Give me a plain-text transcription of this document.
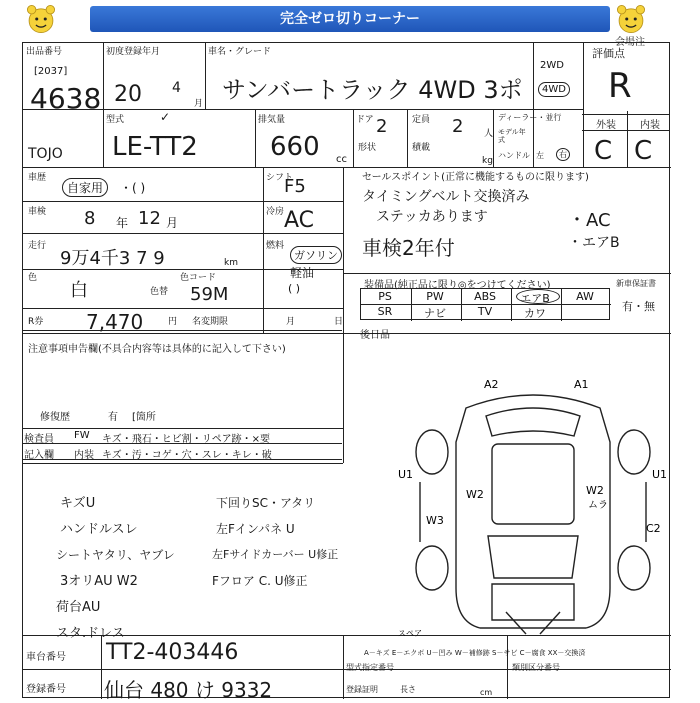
完全ゼロ切りコーナー
会場注
出品番号
[2037]
4638
初度登録年月
20 4
月
車名・グレード
サンバートラック 4WD 3ポ
2WD
4WD
評価点
R
外装 内装
C C
TOJO
型式	✓
LE-TT2
排気量
660 cc
ドア 2	定員 2 人
積載
kg
形状
ディーラー・並行
モデル年式
ハンドル 左	右
車歴
自家用	・( )
シフト
F5
車検 8 年 12 月
冷房 AC
走行
9万4千3 7 9	km
燃料
ガソリン
軽油
( )
色
白	色替
色コード
59M
R券 7,470	円 名変期限	月	日
セールスポイント(正常に機能するものに限ります)
タイミングベルト交換済み
ステッカあります
車検2年付
・AC
・エアB
装備品(純正品に限り◎をつけてください)	新車保証書
有・無
PS	PW	ABS	エアB	AW
SR	ナビ	TV	カワ
後日品
注意事項申告欄(不具合内容等は具体的に記入して下さい)
修復歴	有 [箇所
検査員
記入欄
FW キズ・飛石・ヒビ割・リペア跡・×要
内装 キズ・汚・コゲ・穴・スレ・キレ・破
キズU
ハンドルスレ
シートヤタリ、ヤブレ
3オリAU W2
荷台AU
スタ.ドレス
下回りSC・アタリ
左Fインパネ U
左Fサイドカーバー U修正
Fフロア C. U修正
A2	A1
U1	U1
W2	W2
ムラ
W3
C2
スペア
A－キズ E－エクボ U－凹み W－補修跡 S－サビ C－腐食 XX－交換済
車台番号 TT2-403446
登録番号 仙台 480 け 9332
型式指定番号	類別区分番号
登録証明	長さ	cm
